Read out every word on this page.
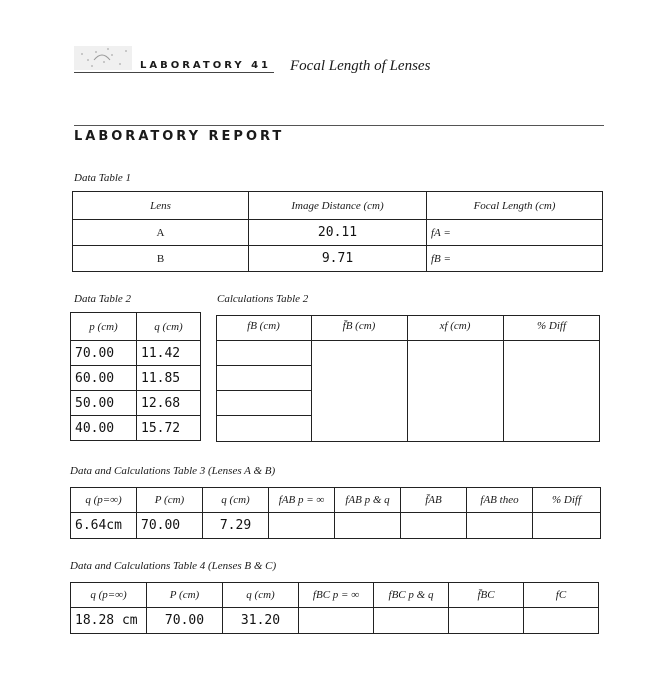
LABORATORY 41 Focal Length of Lenses
LABORATORY REPORT
Data Table 1
Lens	Image Distance (cm)	Focal Length (cm)
A	20.11	fA =
B	9.71	fB =
Data Table 2
p (cm)	q (cm)
70.00	11.42
60.00	11.85
50.00	12.68
40.00	15.72
Calculations Table 2
fB (cm)	f̄B (cm)	xf (cm)	% Diff
Data and Calculations Table 3 (Lenses A & B)
q (p=∞)	P (cm)	q (cm)	fAB p = ∞	fAB p & q	f̄AB	fAB theo	% Diff
6.64cm	70.00	7.29					
Data and Calculations Table 4 (Lenses B & C)
q (p=∞)	P (cm)	q (cm)	fBC p = ∞	fBC p & q	f̄BC	fC
18.28 cm	70.00	31.20				
